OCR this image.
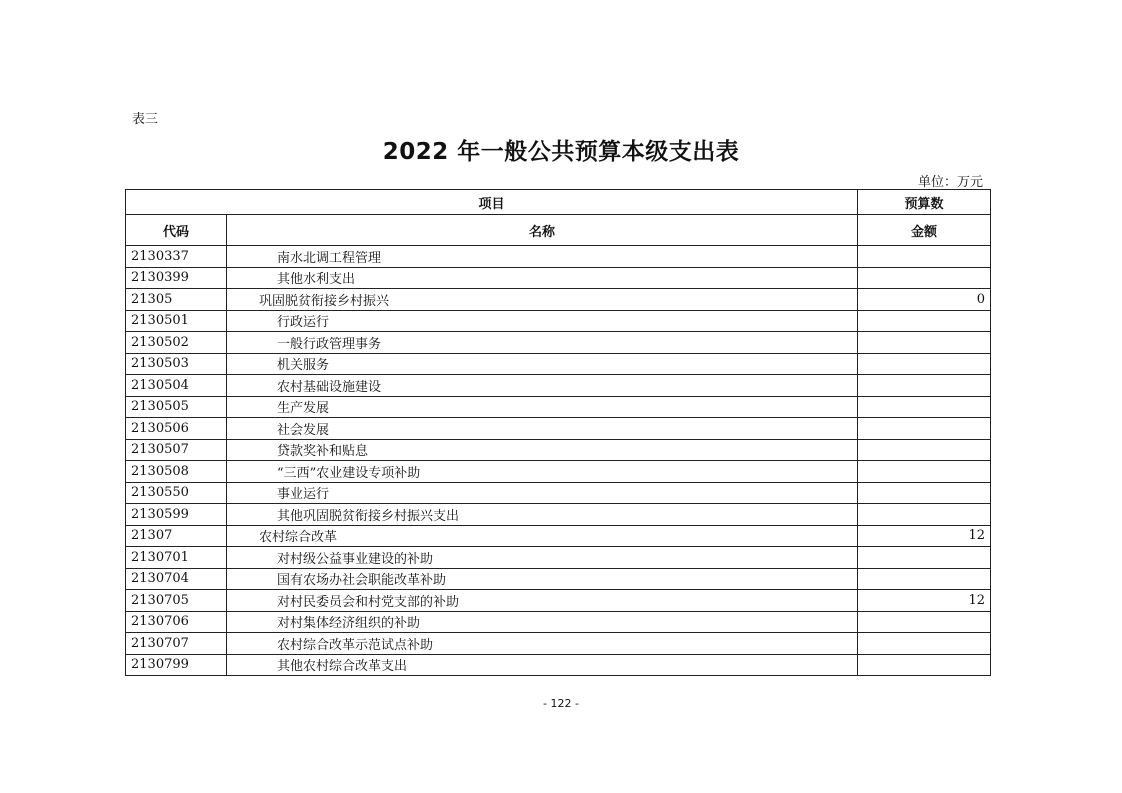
表三
2022 年一般公共预算本级支出表
单位：万元
项目		预算数
代码	名称	金额
2130337	南水北调工程管理	
2130399	其他水利支出	
21305	巩固脱贫衔接乡村振兴	0
2130501	行政运行	
2130502	一般行政管理事务	
2130503	机关服务	
2130504	农村基础设施建设	
2130505	生产发展	
2130506	社会发展	
2130507	贷款奖补和贴息	
2130508	“三西”农业建设专项补助	
2130550	事业运行	
2130599	其他巩固脱贫衔接乡村振兴支出	
21307	农村综合改革	12
2130701	对村级公益事业建设的补助	
2130704	国有农场办社会职能改革补助	
2130705	对村民委员会和村党支部的补助	12
2130706	对村集体经济组织的补助	
2130707	农村综合改革示范试点补助	
2130799	其他农村综合改革支出	
- 122 -
